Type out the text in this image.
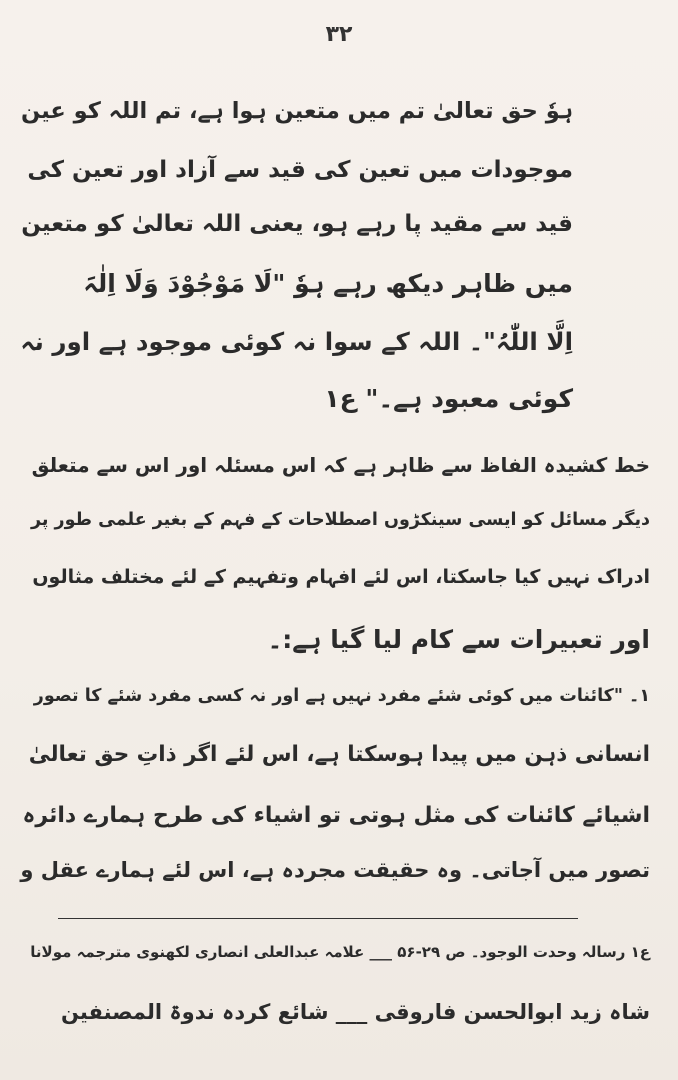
۳۲
ہوٗ حق تعالیٰ تم میں متعین ہوا ہے، تم اللہ کو عین
موجودات میں تعین کی قید سے آزاد اور تعین کی
قید سے مقید پا رہے ہو، یعنی اللہ تعالیٰ کو متعین
میں ظاہر دیکھ رہے ہوٗ "لَا مَوْجُوْدَ وَلَا اِلٰہَ
اِلَّا اللّٰہُ"۔ اللہ کے سوا نہ کوئی موجود ہے اور نہ
کوئی معبود ہے۔" ع۱
خط کشیدہ الفاظ سے ظاہر ہے کہ اس مسئلہ اور اس سے متعلق
دیگر مسائل کو ایسی سینکڑوں اصطلاحات کے فہم کے بغیر علمی طور پر
ادراک نہیں کیا جاسکتا، اس لئے افہام وتفہیم کے لئے مختلف مثالوں
اور تعبیرات سے کام لیا گیا ہے:۔
۱۔ "کائنات میں کوئی شئے مفرد نہیں ہے اور نہ کسی مفرد شئے کا تصور
انسانی ذہن میں پیدا ہوسکتا ہے، اس لئے اگر ذاتِ حق تعالیٰ
اشیائے کائنات کی مثل ہوتی تو اشیاء کی طرح ہمارے دائرہ
تصور میں آجاتی۔ وہ حقیقت مجردہ ہے، اس لئے ہمارے عقل و
ع۱ رسالہ وحدت الوجود۔ ص ۲۹-۵۶ ___ علامہ عبدالعلی انصاری لکھنوی مترجمہ مولانا
شاہ زید ابوالحسن فاروقی ___ شائع کردہ ندوۃ المصنفین
